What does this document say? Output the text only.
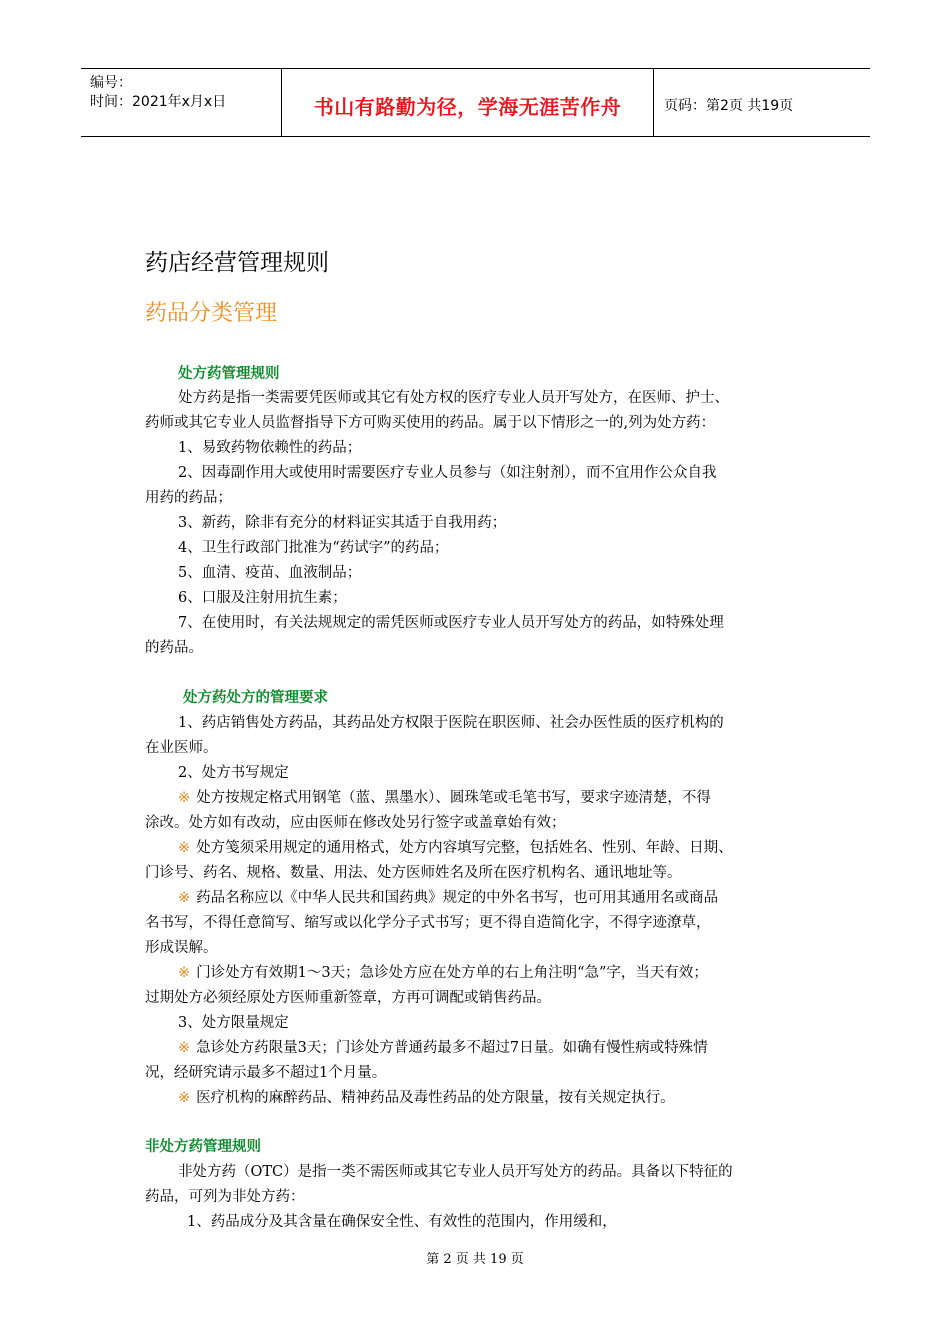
编号：
时间：2021年x月x日	书山有路勤为径，学海无涯苦作舟	页码：第2页 共19页
药店经营管理规则
药品分类管理
处方药管理规则
处方药是指一类需要凭医师或其它有处方权的医疗专业人员开写处方，在医师、护士、
药师或其它专业人员监督指导下方可购买使用的药品。属于以下情形之一的,列为处方药：
1、易致药物依赖性的药品；
2、因毒副作用大或使用时需要医疗专业人员参与（如注射剂），而不宜用作公众自我
用药的药品；
3、新药，除非有充分的材料证实其适于自我用药；
4、卫生行政部门批准为“药试字”的药品；
5、血清、疫苗、血液制品；
6、口服及注射用抗生素；
7、在使用时，有关法规规定的需凭医师或医疗专业人员开写处方的药品，如特殊处理
的药品。
处方药处方的管理要求
1、药店销售处方药品，其药品处方权限于医院在职医师、社会办医性质的医疗机构的
在业医师。
2、处方书写规定
※ 处方按规定格式用钢笔（蓝、黑墨水）、圆珠笔或毛笔书写，要求字迹清楚，不得
涂改。处方如有改动，应由医师在修改处另行签字或盖章始有效；
※ 处方笺须采用规定的通用格式，处方内容填写完整，包括姓名、性别、年龄、日期、
门诊号、药名、规格、数量、用法、处方医师姓名及所在医疗机构名、通讯地址等。
※ 药品名称应以《中华人民共和国药典》规定的中外名书写，也可用其通用名或商品
名书写，不得任意简写、缩写或以化学分子式书写；更不得自造简化字，不得字迹潦草，
形成误解。
※ 门诊处方有效期1～3天；急诊处方应在处方单的右上角注明“急”字，当天有效；
过期处方必须经原处方医师重新签章，方再可调配或销售药品。
3、处方限量规定
※ 急诊处方药限量3天；门诊处方普通药最多不超过7日量。如确有慢性病或特殊情
况，经研究请示最多不超过1个月量。
※ 医疗机构的麻醉药品、精神药品及毒性药品的处方限量，按有关规定执行。
非处方药管理规则
非处方药（OTC）是指一类不需医师或其它专业人员开写处方的药品。具备以下特征的
药品，可列为非处方药：
1、药品成分及其含量在确保安全性、有效性的范围内，作用缓和，
第 2 页 共 19 页
